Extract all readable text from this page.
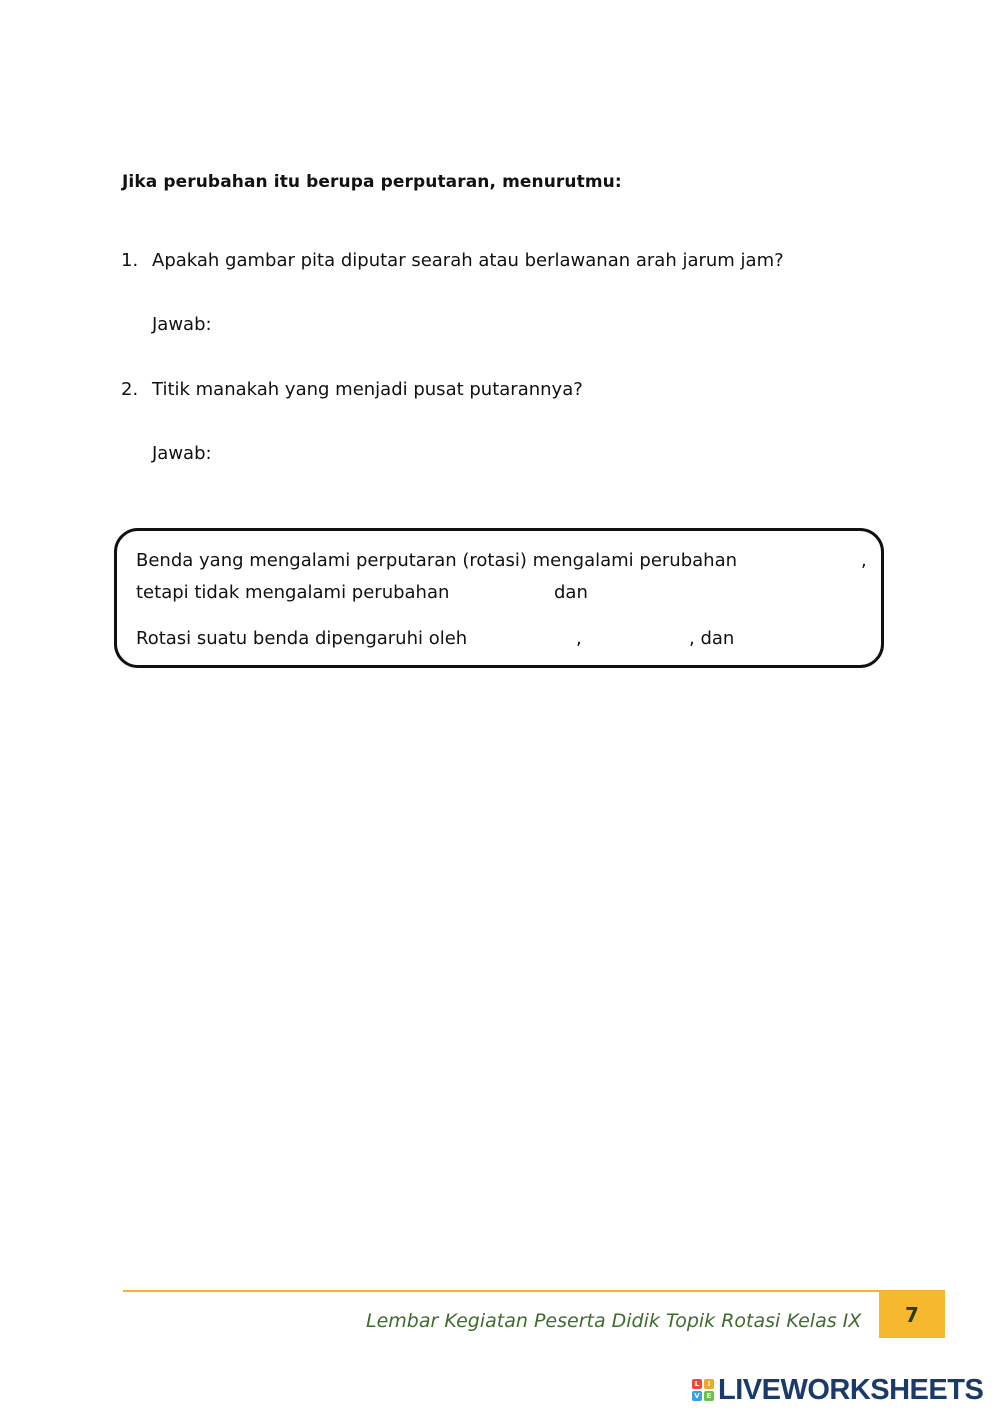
Jika perubahan itu berupa perputaran, menurutmu:
1. Apakah gambar pita diputar searah atau berlawanan arah jarum jam?
Jawab:
2. Titik manakah yang menjadi pusat putarannya?
Jawab:
Benda yang mengalami perputaran (rotasi) mengalami perubahan	,
tetapi tidak mengalami perubahan	dan
Rotasi suatu benda dipengaruhi oleh	,	, dan
Lembar Kegiatan Peserta Didik Topik Rotasi Kelas IX 7
L	I
V E LIVEWORKSHEETS
